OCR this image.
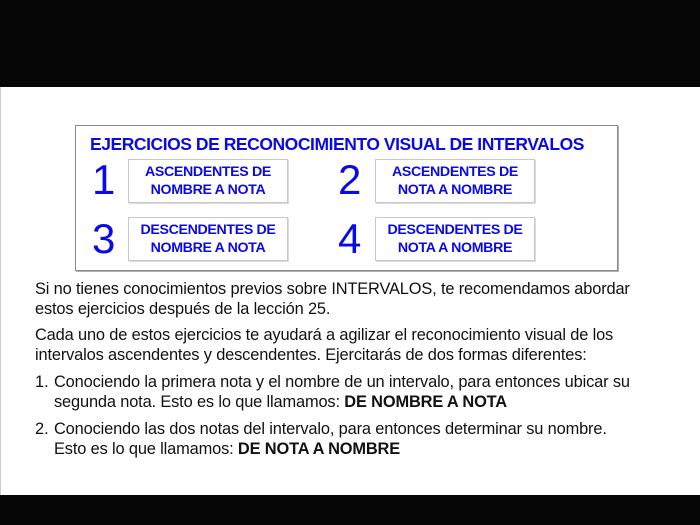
EJERCICIOS DE RECONOCIMIENTO VISUAL DE INTERVALOS
1 ASCENDENTES DE
NOMBRE A NOTA 2 ASCENDENTES DE
NOTA A NOMBRE
3 DESCENDENTES DE
NOMBRE A NOTA 4 DESCENDENTES DE
NOTA A NOMBRE
Si no tienes conocimientos previos sobre INTERVALOS, te recomendamos abordar
estos ejercicios después de la lección 25.
Cada uno de estos ejercicios te ayudará a agilizar el reconocimiento visual de los
intervalos ascendentes y descendentes. Ejercitarás de dos formas diferentes:
1. Conociendo la primera nota y el nombre de un intervalo, para entonces ubicar su
segunda nota. Esto es lo que llamamos: DE NOMBRE A NOTA
2. Conociendo las dos notas del intervalo, para entonces determinar su nombre.
Esto es lo que llamamos: DE NOTA A NOMBRE
